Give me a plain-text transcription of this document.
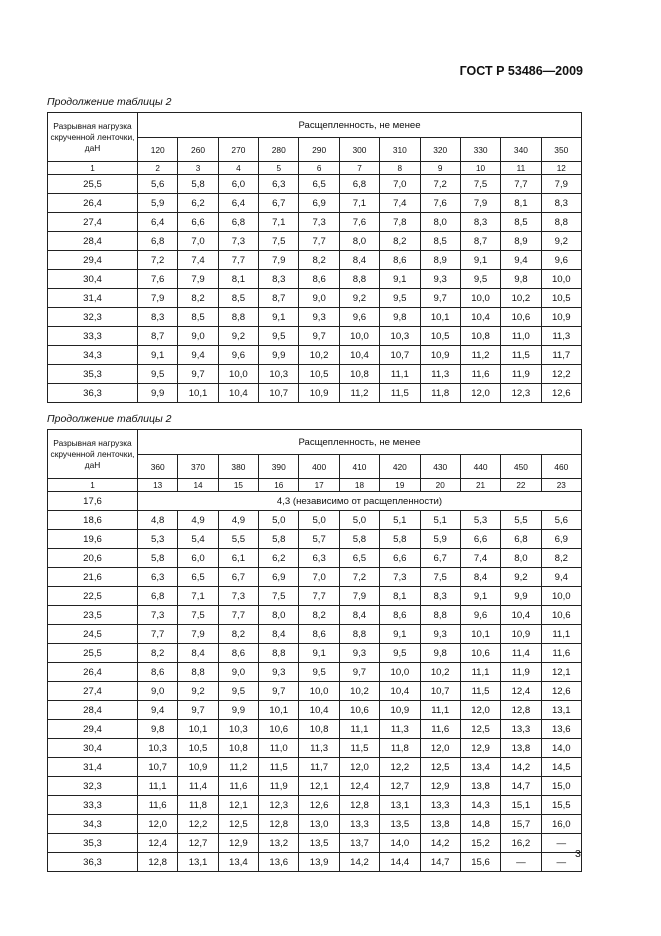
ГОСТ Р 53486—2009
Продолжение таблицы 2
Разрывная нагрузка скрученной ленточки, даН	Расщепленность, не менее										
	120	260	270	280	290	300	310	320	330	340	350
1	2	3	4	5	6	7	8	9	10	11	12
25,5	5,6	5,8	6,0	6,3	6,5	6,8	7,0	7,2	7,5	7,7	7,9
26,4	5,9	6,2	6,4	6,7	6,9	7,1	7,4	7,6	7,9	8,1	8,3
27,4	6,4	6,6	6,8	7,1	7,3	7,6	7,8	8,0	8,3	8,5	8,8
28,4	6,8	7,0	7,3	7,5	7,7	8,0	8,2	8,5	8,7	8,9	9,2
29,4	7,2	7,4	7,7	7,9	8,2	8,4	8,6	8,9	9,1	9,4	9,6
30,4	7,6	7,9	8,1	8,3	8,6	8,8	9,1	9,3	9,5	9,8	10,0
31,4	7,9	8,2	8,5	8,7	9,0	9,2	9,5	9,7	10,0	10,2	10,5
32,3	8,3	8,5	8,8	9,1	9,3	9,6	9,8	10,1	10,4	10,6	10,9
33,3	8,7	9,0	9,2	9,5	9,7	10,0	10,3	10,5	10,8	11,0	11,3
34,3	9,1	9,4	9,6	9,9	10,2	10,4	10,7	10,9	11,2	11,5	11,7
35,3	9,5	9,7	10,0	10,3	10,5	10,8	11,1	11,3	11,6	11,9	12,2
36,3	9,9	10,1	10,4	10,7	10,9	11,2	11,5	11,8	12,0	12,3	12,6
Продолжение таблицы 2
Разрывная нагрузка скрученной ленточки, даН	Расщепленность, не менее										
	360	370	380	390	400	410	420	430	440	450	460
1	13	14	15	16	17	18	19	20	21	22	23
17,6	4,3 (независимо от расщепленности)										
18,6	4,8	4,9	4,9	5,0	5,0	5,0	5,1	5,1	5,3	5,5	5,6
19,6	5,3	5,4	5,5	5,8	5,7	5,8	5,8	5,9	6,6	6,8	6,9
20,6	5,8	6,0	6,1	6,2	6,3	6,5	6,6	6,7	7,4	8,0	8,2
21,6	6,3	6,5	6,7	6,9	7,0	7,2	7,3	7,5	8,4	9,2	9,4
22,5	6,8	7,1	7,3	7,5	7,7	7,9	8,1	8,3	9,1	9,9	10,0
23,5	7,3	7,5	7,7	8,0	8,2	8,4	8,6	8,8	9,6	10,4	10,6
24,5	7,7	7,9	8,2	8,4	8,6	8,8	9,1	9,3	10,1	10,9	11,1
25,5	8,2	8,4	8,6	8,8	9,1	9,3	9,5	9,8	10,6	11,4	11,6
26,4	8,6	8,8	9,0	9,3	9,5	9,7	10,0	10,2	11,1	11,9	12,1
27,4	9,0	9,2	9,5	9,7	10,0	10,2	10,4	10,7	11,5	12,4	12,6
28,4	9,4	9,7	9,9	10,1	10,4	10,6	10,9	11,1	12,0	12,8	13,1
29,4	9,8	10,1	10,3	10,6	10,8	11,1	11,3	11,6	12,5	13,3	13,6
30,4	10,3	10,5	10,8	11,0	11,3	11,5	11,8	12,0	12,9	13,8	14,0
31,4	10,7	10,9	11,2	11,5	11,7	12,0	12,2	12,5	13,4	14,2	14,5
32,3	11,1	11,4	11,6	11,9	12,1	12,4	12,7	12,9	13,8	14,7	15,0
33,3	11,6	11,8	12,1	12,3	12,6	12,8	13,1	13,3	14,3	15,1	15,5
34,3	12,0	12,2	12,5	12,8	13,0	13,3	13,5	13,8	14,8	15,7	16,0
35,3	12,4	12,7	12,9	13,2	13,5	13,7	14,0	14,2	15,2	16,2	—
36,3	12,8	13,1	13,4	13,6	13,9	14,2	14,4	14,7	15,6	—	—
3
